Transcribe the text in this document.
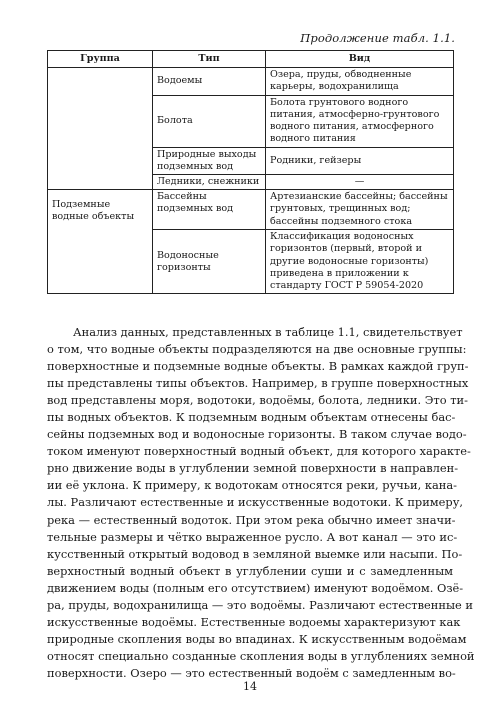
Продолжение табл. 1.1.
Группа	Тип	Вид
	Водоемы	Озера, пруды, обводненные карьеры, водохранилища
	Болота	Болота грунтового водного питания, атмосферно-грунтового водного питания, атмосферного водного питания
	Природные выходы подземных вод	Родники, гейзеры
	Ледники, снежники	—
Подземные водные объекты	Бассейны подземных вод	Артезианские бассейны; бассейны грунтовых, трещинных вод; бассейны подземного стока
	Водоносные горизонты	Классификация водоносных горизонтов (первый, второй и другие водоносные горизонты) приведена в приложении к стандарту ГОСТ Р 59054-2020
Анализ данных, представленных в таблице 1.1, свидетельствует
о том, что водные объекты подразделяются на две основные группы:
поверхностные и подземные водные объекты. В рамках каждой груп-
пы представлены типы объектов. Например, в группе поверхностных
вод представлены моря, водотоки, водоёмы, болота, ледники. Это ти-
пы водных объектов. К подземным водным объектам отнесены бас-
сейны подземных вод и водоносные горизонты. В таком случае водо-
током именуют поверхностный водный объект, для которого характе-
рно движение воды в углублении земной поверхности в направлен-
ии её уклона. К примеру, к водотокам относятся реки, ручьи, кана-
лы. Различают естественные и искусственные водотоки. К примеру,
река — естественный водоток. При этом река обычно имеет значи-
тельные размеры и чётко выраженное русло. А вот канал — это ис-
кусственный открытый водовод в земляной выемке или насыпи. По-
верхностный водный объект в углублении суши и с замедленным
движением воды (полным его отсутствием) именуют водоёмом. Озё-
ра, пруды, водохранилища — это водоёмы. Различают естественные и
искусственные водоёмы. Естественные водоемы характеризуют как
природные скопления воды во впадинах. К искусственным водоёмам
относят специально созданные скопления воды в углублениях земной
поверхности. Озеро — это естественный водоём с замедленным во-
14
